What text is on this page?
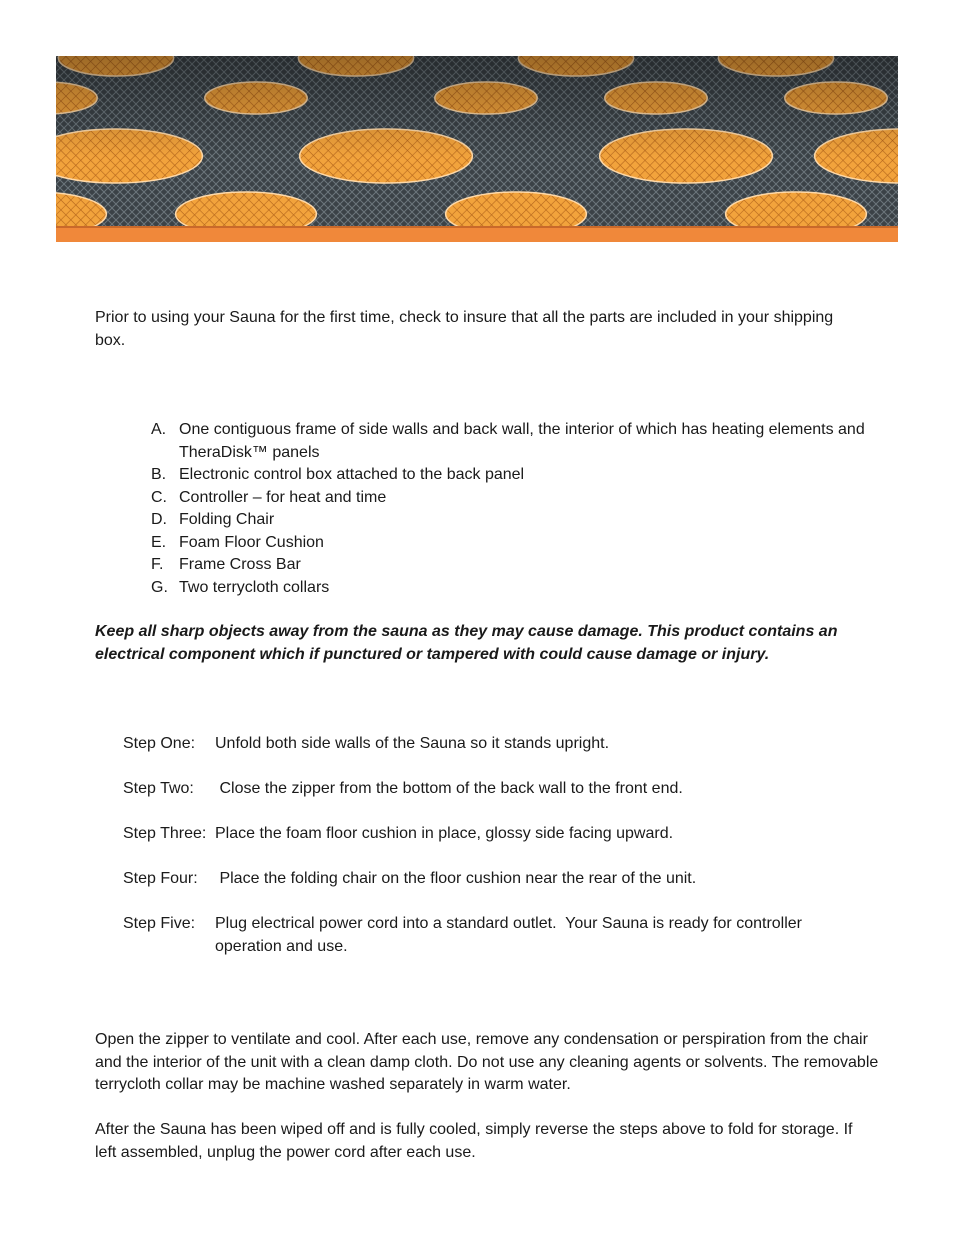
Prior to using your Sauna for the first time, check to insure that all the parts are included in your shipping box.
A. One contiguous frame of side walls and back wall, the interior of which has heating elements and TheraDisk™ panels
B. Electronic control box attached to the back panel
C. Controller – for heat and time
D. Folding Chair
E. Foam Floor Cushion
F. Frame Cross Bar
G. Two terrycloth collars
Keep all sharp objects away from the sauna as they may cause damage. This product contains an electrical component which if punctured or tampered with could cause damage or injury.
Step One:	Unfold both side walls of the Sauna so it stands upright.
Step Two:	Close the zipper from the bottom of the back wall to the front end.
Step Three: Place the foam floor cushion in place, glossy side facing upward.
Step Four:	Place the folding chair on the floor cushion near the rear of the unit.
Step Five:	Plug electrical power cord into a standard outlet.  Your Sauna is ready for controller operation and use.
Open the zipper to ventilate and cool. After each use, remove any condensation or perspiration from the chair and the interior of the unit with a clean damp cloth. Do not use any cleaning agents or solvents. The removable terrycloth collar may be machine washed separately in warm water.
After the Sauna has been wiped off and is fully cooled, simply reverse the steps above to fold for storage. If left assembled, unplug the power cord after each use.
